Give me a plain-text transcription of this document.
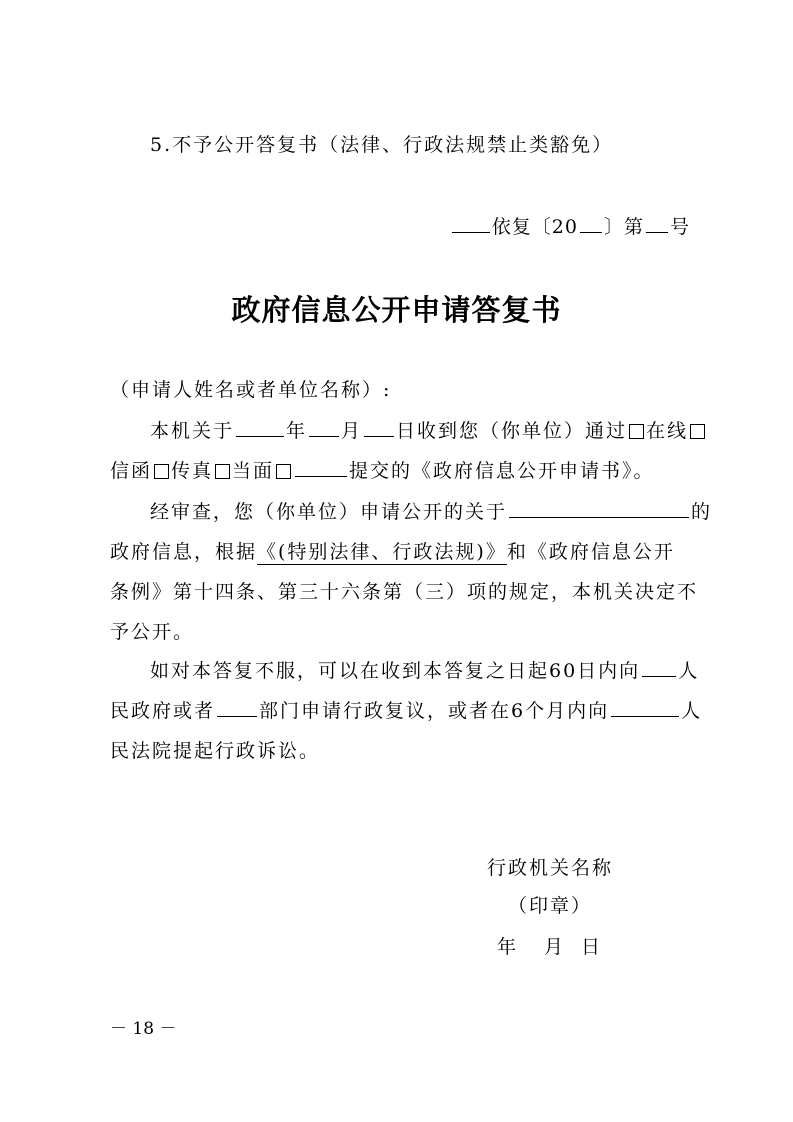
5.不予公开答复书（法律、行政法规禁止类豁免）
依复〔20 〕第 号
政府信息公开申请答复书
（申请人姓名或者单位名称）:
本机关于	年 月 日收到您（你单位）通过 在线
信函 传真 当面	提交的《政府信息公开申请书》。
经审查，您（你单位）申请公开的关于	的
政府信息，根据《(特别法律、行政法规)》和《政府信息公开
条例》第十四条、第三十六条第（三）项的规定，本机关决定不
予公开。
如对本答复不服，可以在收到本答复之日起60日内向 人
民政府或者 部门申请行政复议，或者在6个月内向	人
民法院提起行政诉讼。
行政机关名称
（印章）
年 月 日
－ 18 －
